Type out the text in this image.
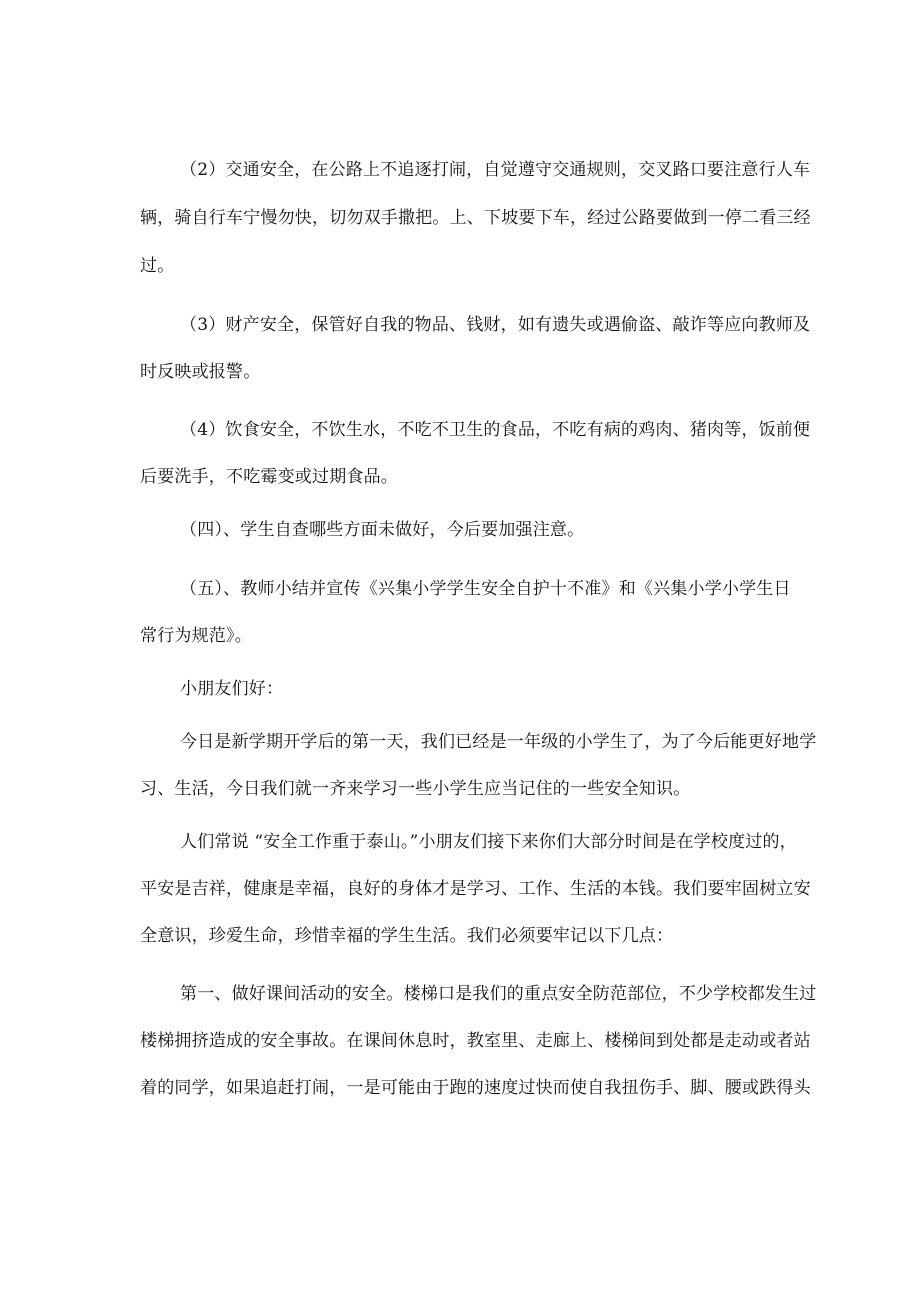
（2）交通安全，在公路上不追逐打闹，自觉遵守交通规则，交叉路口要注意行人车
辆，骑自行车宁慢勿快，切勿双手撒把。上、下坡要下车，经过公路要做到一停二看三经
过。
（3）财产安全，保管好自我的物品、钱财，如有遗失或遇偷盗、敲诈等应向教师及
时反映或报警。
（4）饮食安全，不饮生水，不吃不卫生的食品，不吃有病的鸡肉、猪肉等，饭前便
后要洗手，不吃霉变或过期食品。
（四）、学生自查哪些方面未做好，今后要加强注意。
（五）、教师小结并宣传《兴集小学学生安全自护十不准》和《兴集小学小学生日
常行为规范》。
小朋友们好：
今日是新学期开学后的第一天，我们已经是一年级的小学生了，为了今后能更好地学
习、生活，今日我们就一齐来学习一些小学生应当记住的一些安全知识。
人们常说 “安全工作重于泰山。”小朋友们接下来你们大部分时间是在学校度过的，
平安是吉祥，健康是幸福，良好的身体才是学习、工作、生活的本钱。我们要牢固树立安
全意识，珍爱生命，珍惜幸福的学生生活。我们必须要牢记以下几点：
第一、做好课间活动的安全。楼梯口是我们的重点安全防范部位，不少学校都发生过
楼梯拥挤造成的安全事故。在课间休息时，教室里、走廊上、楼梯间到处都是走动或者站
着的同学，如果追赶打闹，一是可能由于跑的速度过快而使自我扭伤手、脚、腰或跌得头
